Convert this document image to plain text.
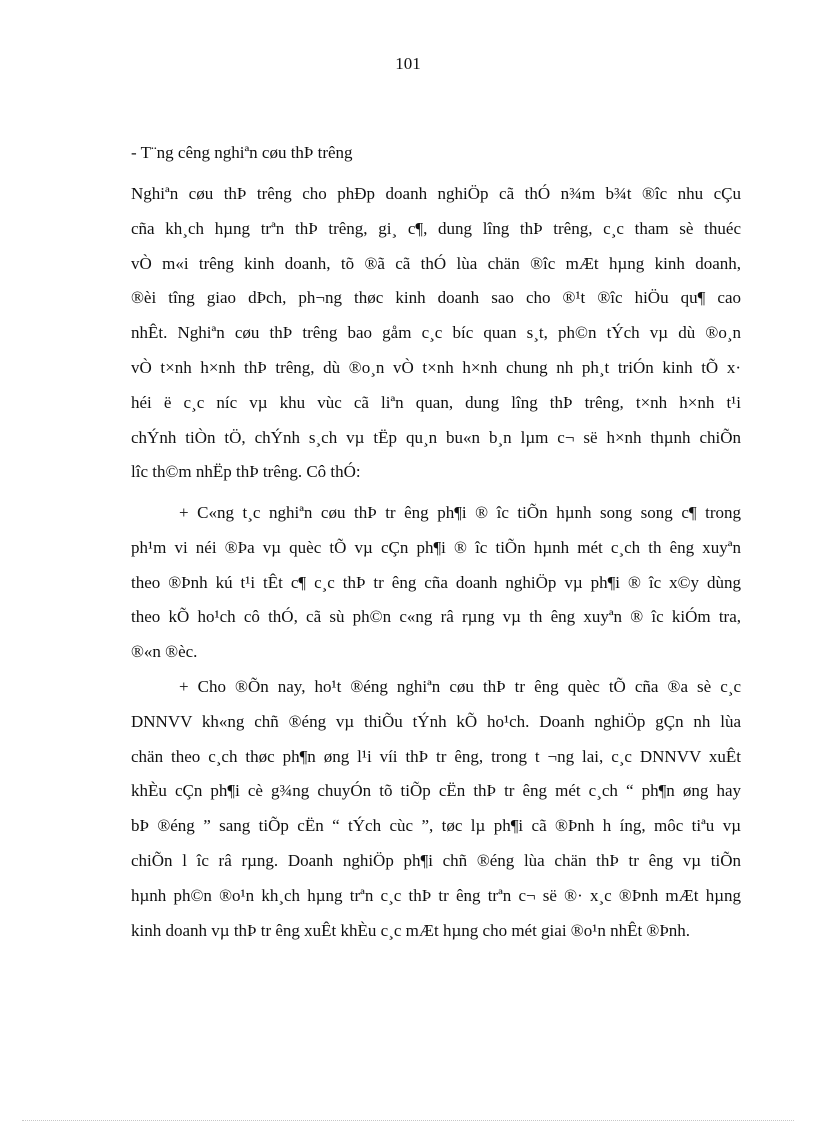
101
- T¨ng cêng nghiªn cøu thÞ trêng
Nghiªn cøu thÞ trêng cho phÐp doanh nghiÖp cã thÓ n¾m b¾t ®îc nhu cÇu
cña kh¸ch hµng trªn thÞ trêng, gi¸ c¶, dung lîng thÞ trêng, c¸c tham sè thuéc
vÒ m«i trêng kinh doanh, tõ ®ã cã thÓ lùa chän ®îc mÆt hµng kinh doanh,
®èi tîng giao dÞch, ph¬ng thøc kinh doanh sao cho ®¹t ®îc hiÖu qu¶ cao
nhÊt. Nghiªn cøu thÞ trêng bao gåm c¸c bíc quan s¸t, ph©n tÝch vµ dù ®o¸n
vÒ t×nh h×nh thÞ trêng, dù ®o¸n vÒ t×nh h×nh chung nh ph¸t triÓn kinh tÕ x·
héi ë c¸c níc vµ khu vùc cã liªn quan, dung lîng thÞ trêng, t×nh h×nh t¹i
chÝnh tiÒn tÖ, chÝnh s¸ch vµ tËp qu¸n bu«n b¸n lµm c¬ së h×nh thµnh chiÕn
lîc th©m nhËp thÞ trêng. Cô thÓ:
+ C«ng t¸c nghiªn cøu thÞ tr êng ph¶i ® îc tiÕn hµnh song song c¶ trong
ph¹m vi néi ®Þa vµ quèc tÕ vµ cÇn ph¶i ® îc tiÕn hµnh mét c¸ch th êng xuyªn
theo ®Þnh kú t¹i tÊt c¶ c¸c thÞ tr êng cña doanh nghiÖp vµ ph¶i ® îc x©y dùng
theo kÕ ho¹ch cô thÓ, cã sù ph©n c«ng râ rµng vµ th êng xuyªn ® îc kiÓm tra,
®«n ®èc.
+ Cho ®Õn nay, ho¹t ®éng nghiªn cøu thÞ tr êng quèc tÕ cña ®a sè c¸c
DNNVV kh«ng chñ ®éng vµ thiÕu tÝnh kÕ ho¹ch. Doanh nghiÖp gÇn nh lùa
chän theo c¸ch thøc ph¶n øng l¹i víi thÞ tr êng, trong t ¬ng lai, c¸c DNNVV xuÊt
khÈu cÇn ph¶i cè g¾ng chuyÓn tõ tiÕp cËn thÞ tr êng mét c¸ch “ ph¶n øng hay
bÞ ®éng ” sang tiÕp cËn “ tÝch cùc ”, tøc lµ ph¶i cã ®Þnh h íng, môc tiªu vµ
chiÕn l îc râ rµng. Doanh nghiÖp ph¶i chñ ®éng lùa chän thÞ tr êng vµ tiÕn
hµnh ph©n ®o¹n kh¸ch hµng trªn c¸c thÞ tr êng trªn c¬ së ®· x¸c ®Þnh mÆt hµng
kinh doanh vµ thÞ tr êng xuÊt khÈu c¸c mÆt hµng cho mét giai ®o¹n nhÊt ®Þnh.
